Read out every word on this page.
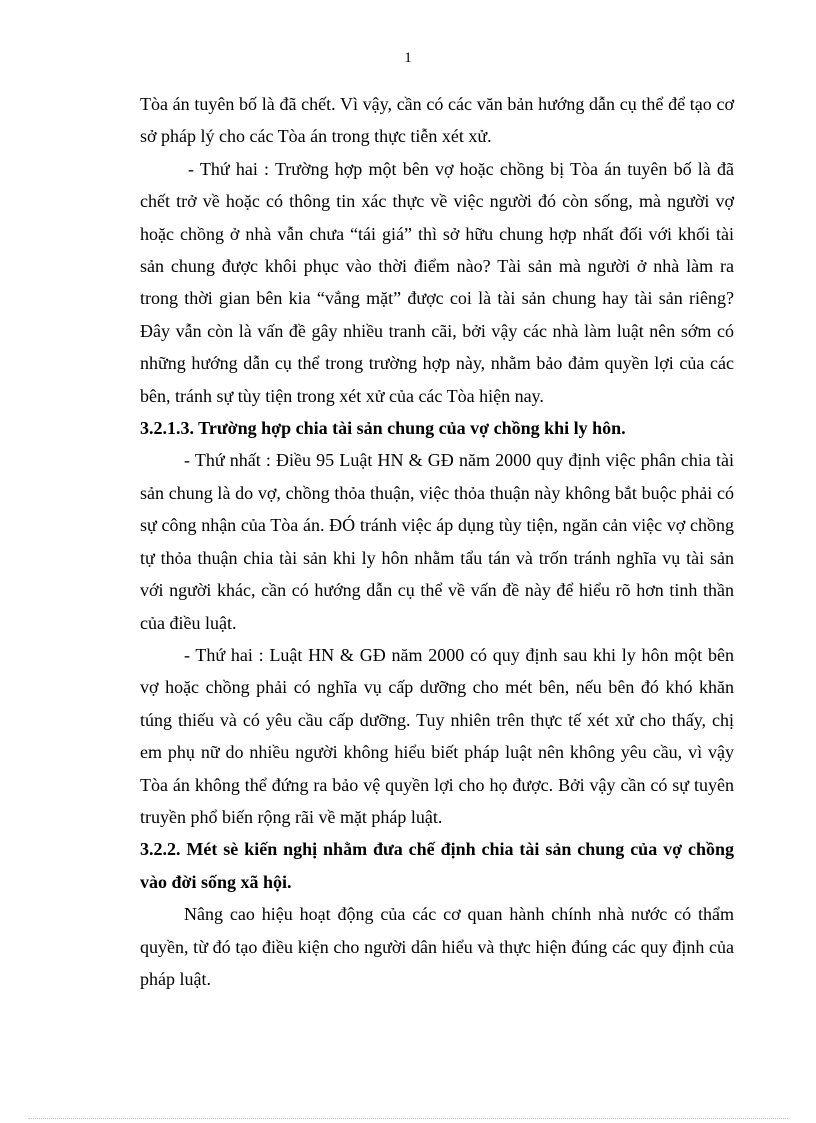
1

Tòa án tuyên bố là đã chết. Vì vậy, cần có các văn bản hướng dẫn cụ thể để tạo cơ sở pháp lý cho các Tòa án trong thực tiễn xét xử.

- Thứ hai : Trường hợp một bên vợ hoặc chồng bị Tòa án tuyên bố là đã chết trở về hoặc có thông tin xác thực về việc người đó còn sống, mà người vợ hoặc chồng ở nhà vẫn chưa “tái giá” thì sở hữu chung hợp nhất đối với khối tài sản chung được khôi phục vào thời điểm nào? Tài sản mà người ở nhà làm ra trong thời gian bên kia “vắng mặt” được coi là tài sản chung hay tài sản riêng? Đây vẫn còn là vấn đề gây nhiều tranh cãi, bởi vậy các nhà làm luật nên sớm có những hướng dẫn cụ thể trong trường hợp này, nhằm bảo đảm quyền lợi của các bên, tránh sự tùy tiện trong xét xử của các Tòa hiện nay.

3.2.1.3. Trường hợp chia tài sản chung của vợ chồng khi ly hôn.

- Thứ nhất : Điều 95 Luật HN & GĐ năm 2000 quy định việc phân chia tài sản chung là do vợ, chồng thỏa thuận, việc thỏa thuận này không bắt buộc phải có sự công nhận của Tòa án. ĐÓ tránh việc áp dụng tùy tiện, ngăn cản việc vợ chồng tự thỏa thuận chia tài sản khi ly hôn nhằm tẩu tán và trốn tránh nghĩa vụ tài sản với người khác, cần có hướng dẫn cụ thể về vấn đề này để hiểu rõ hơn tinh thần của điều luật.

- Thứ hai : Luật HN & GĐ năm 2000 có quy định sau khi ly hôn một bên vợ hoặc chồng phải có nghĩa vụ cấp dưỡng cho mét bên, nếu bên đó khó khăn túng thiếu và có yêu cầu cấp dưỡng. Tuy nhiên trên thực tế xét xử cho thấy, chị em phụ nữ do nhiều người không hiểu biết pháp luật nên không yêu cầu, vì vậy Tòa án không thể đứng ra bảo vệ quyền lợi cho họ được. Bởi vậy cần có sự tuyên truyền phổ biến rộng rãi về mặt pháp luật.

3.2.2. Mét sè kiến nghị nhằm đưa chế định chia tài sản chung của vợ chồng vào đời sống xã hội.

Nâng cao hiệu hoạt động của các cơ quan hành chính nhà nước có thẩm quyền, từ đó tạo điều kiện cho người dân hiểu và thực hiện đúng các quy định của pháp luật.
